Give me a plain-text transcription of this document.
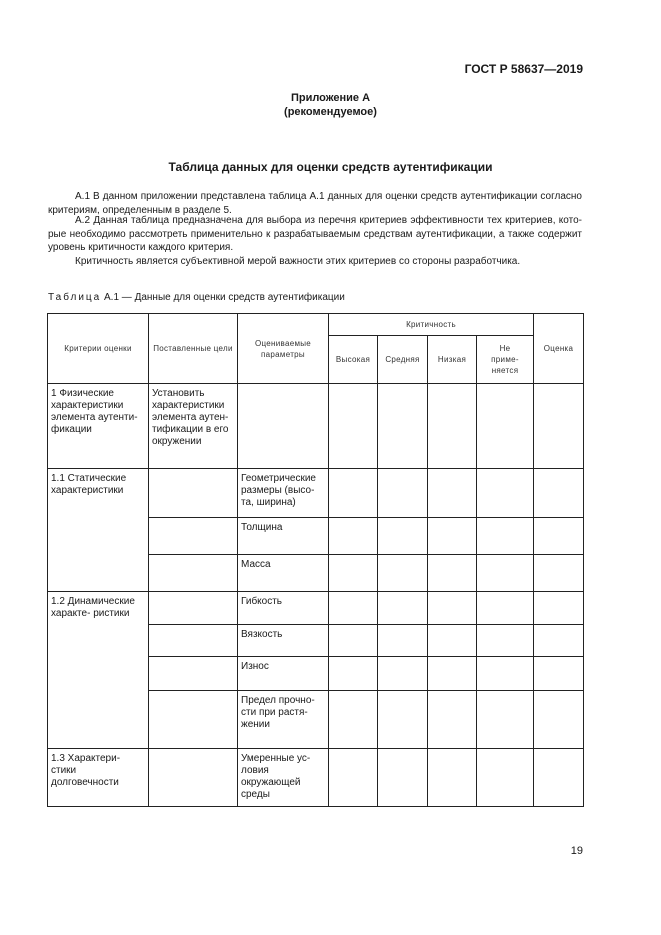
ГОСТ Р 58637—2019
Приложение А
(рекомендуемое)
Таблица данных для оценки средств аутентификации
А.1 В данном приложении представлена таблица А.1 данных для оценки средств аутентификации согласно критериям, определенным в разделе 5.
А.2 Данная таблица предназначена для выбора из перечня критериев эффективности тех критериев, кото- рые необходимо рассмотреть применительно к разрабатываемым средствам аутентификации, а также содержит уровень критичности каждого критерия.
Критичность является субъективной мерой важности этих критериев со стороны разработчика.
Таблица А.1 — Данные для оценки средств аутентификации
Критерии оценки	Поставленные цели	Оцениваемые параметры	Критичность				Оценка
			Высокая	Средняя	Низкая	Не приме- няется	

1 Физические характеристики элемента аутенти- фикации	Установить характеристики элемента аутен- тификации в его окружении						

1.1 Статические характеристики		Геометрические размеры (высо- та, ширина)					

		Толщина					

		Масса					

1.2 Динамические характе- ристики		Гибкость					

		Вязкость					

		Износ					

		Предел прочно- сти при растя- жении					

1.3 Характери- стики долговечности		Умеренные ус- ловия окружающей среды					

19
